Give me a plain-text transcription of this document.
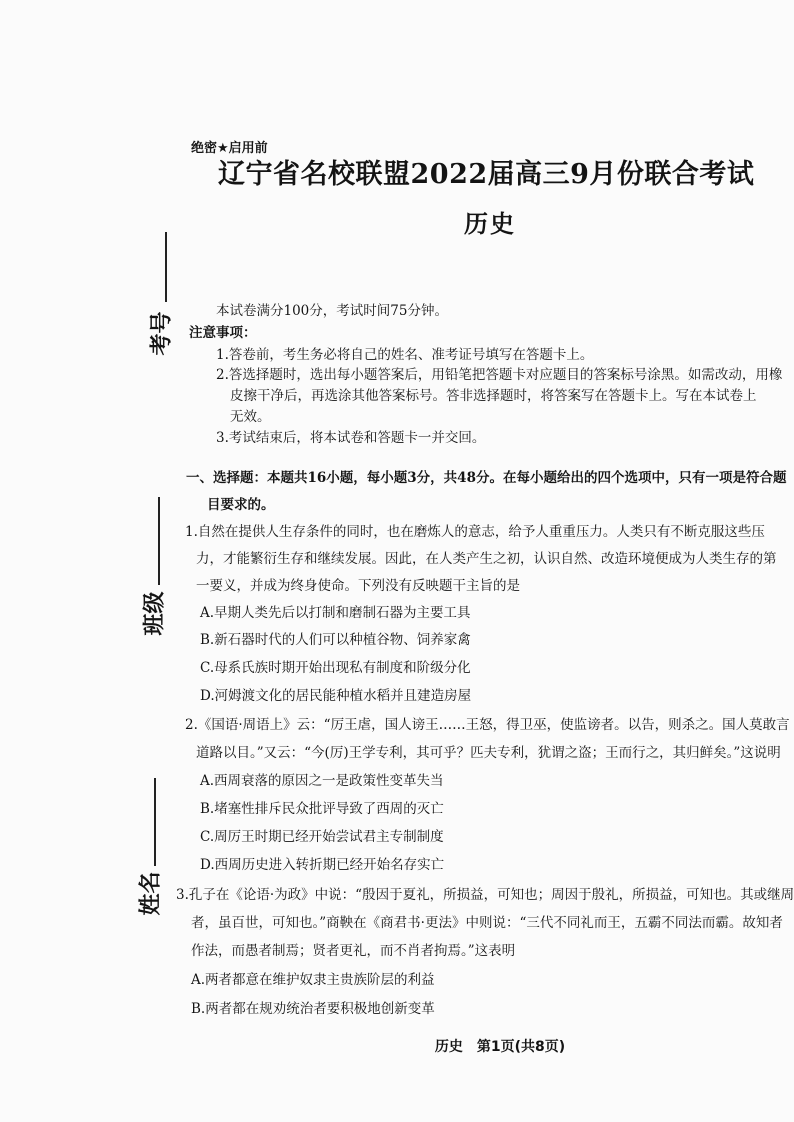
绝密★启用前
辽宁省名校联盟2022届高三9月份联合考试
历史
考号
班级
姓名
本试卷满分100分，考试时间75分钟。
注意事项：
1.答卷前，考生务必将自己的姓名、准考证号填写在答题卡上。
2.答选择题时，选出每小题答案后，用铅笔把答题卡对应题目的答案标号涂黑。如需改动，用橡
皮擦干净后，再选涂其他答案标号。答非选择题时，将答案写在答题卡上。写在本试卷上
无效。
3.考试结束后，将本试卷和答题卡一并交回。
一、选择题：本题共16小题，每小题3分，共48分。在每小题给出的四个选项中，只有一项是符合题
目要求的。
1.自然在提供人生存条件的同时，也在磨炼人的意志，给予人重重压力。人类只有不断克服这些压
力，才能繁衍生存和继续发展。因此，在人类产生之初，认识自然、改造环境便成为人类生存的第
一要义，并成为终身使命。下列没有反映题干主旨的是
A.早期人类先后以打制和磨制石器为主要工具
B.新石器时代的人们可以种植谷物、饲养家禽
C.母系氏族时期开始出现私有制度和阶级分化
D.河姆渡文化的居民能种植水稻并且建造房屋
2.《国语·周语上》云：“厉王虐，国人谤王……王怒，得卫巫，使监谤者。以告，则杀之。国人莫敢言
道路以目。”又云：“今(厉)王学专利，其可乎？匹夫专利，犹谓之盗；王而行之，其归鲜矣。”这说明
A.西周衰落的原因之一是政策性变革失当
B.堵塞性排斥民众批评导致了西周的灭亡
C.周厉王时期已经开始尝试君主专制制度
D.西周历史进入转折期已经开始名存实亡
3.孔子在《论语·为政》中说：“殷因于夏礼，所损益，可知也；周因于殷礼，所损益，可知也。其或继周
者，虽百世，可知也。”商鞅在《商君书·更法》中则说：“三代不同礼而王，五霸不同法而霸。故知者
作法，而愚者制焉；贤者更礼，而不肖者拘焉。”这表明
A.两者都意在维护奴隶主贵族阶层的利益
B.两者都在规劝统治者要积极地创新变革
历史　第1页(共8页)
